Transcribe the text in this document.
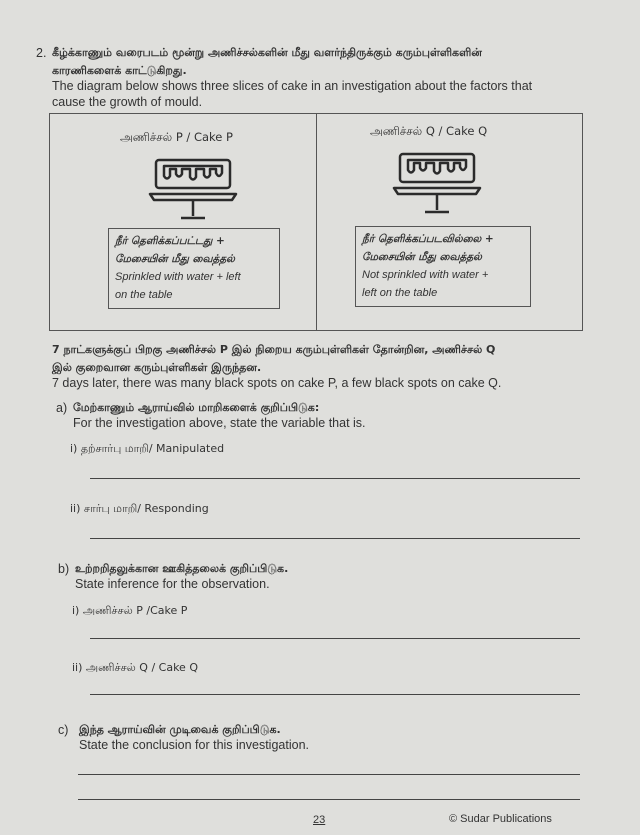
2. கீழ்க்காணும் வரைபடம் மூன்று அணிச்சல்களின் மீது வளர்ந்திருக்கும் கரும்புள்ளிகளின்
காரணிகளைக் காட்டுகிறது.
The diagram below shows three slices of cake in an investigation about the factors that
cause the growth of mould.
அணிச்சல் P / Cake P
நீர் தெளிக்கப்பட்டது +
மேசையின் மீது வைத்தல்
Sprinkled with water + left
on the table
அணிச்சல் Q / Cake Q
நீர் தெளிக்கப்படவில்லை +
மேசையின் மீது வைத்தல்
Not sprinkled with water +
left on the table
7 நாட்களுக்குப் பிறகு அணிச்சல் P இல் நிறைய கரும்புள்ளிகள் தோன்றின, அணிச்சல் Q
இல் குறைவான கரும்புள்ளிகள் இருந்தன.
7 days later, there was many black spots on cake P, a few black spots on cake Q.
a) மேற்காணும் ஆராய்வில் மாறிகளைக் குறிப்பிடுக:
For the investigation above, state the variable that is.
i) தற்சார்பு மாறி/ Manipulated
ii) சார்பு மாறி/ Responding
b) உற்றறிதலுக்கான ஊகித்தலைக் குறிப்பிடுக.
State inference for the observation.
i) அணிச்சல் P /Cake P
ii) அணிச்சல் Q / Cake Q
c) இந்த ஆராய்வின் முடிவைக் குறிப்பிடுக.
State the conclusion for this investigation.
23	© Sudar Publications
